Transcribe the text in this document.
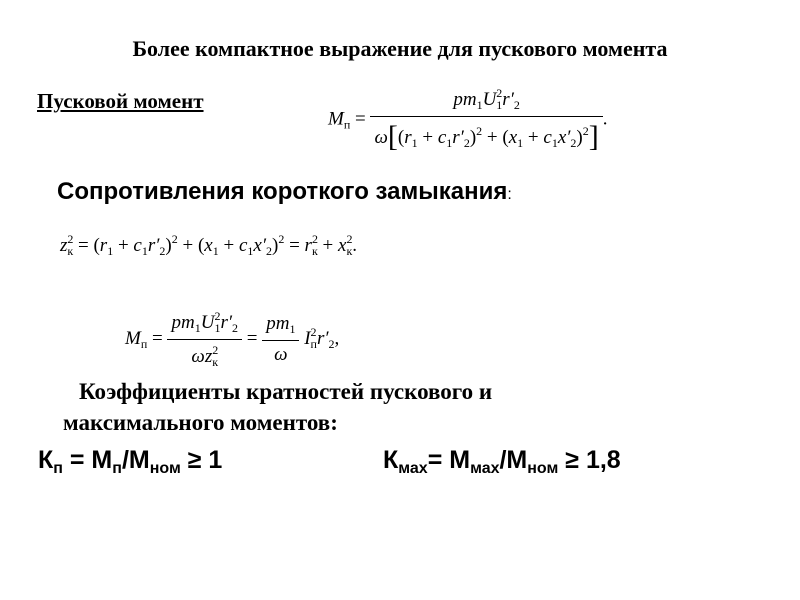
Более компактное выражение для пускового момента
Пусковой момент
$M_п = \frac{pm_1U^2_1r'_2}{\omega[(r_1 + c_1r'_2)^2 + (x_1 + c_1x'_2)^2]}$ .
Сопротивления короткого замыкания:
$z^2_к = (r_1 + c_1r'_2)^2 + (x_1 + c_1x'_2)^2 = r^2_к + x^2_к$.
$M_п = \frac{pm_1U^2_1r'_2}{\omega z^2_к} = \frac{pm_1}{\omega} I^2_пr'_2$,
Коэффициенты кратностей пускового и
максимального моментов:
$К_п = М_п/М_{ном} \ge 1$	$К_{мах}= М_{мах}/М_{ном} \ge 1,8$
